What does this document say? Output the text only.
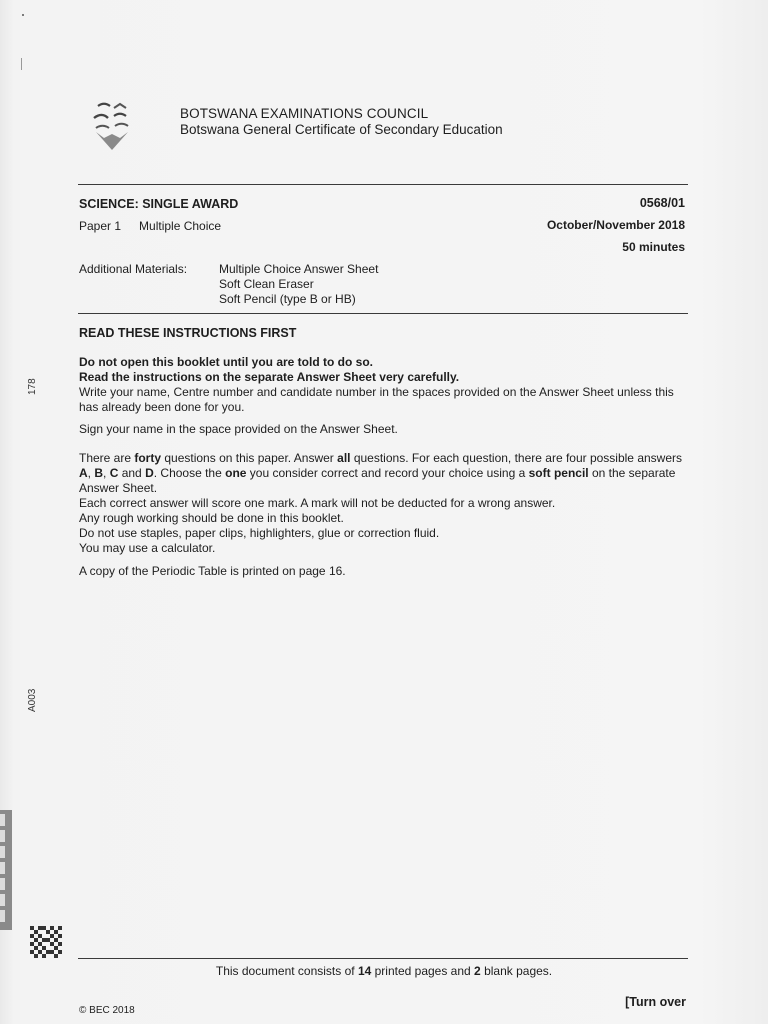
BOTSWANA EXAMINATIONS COUNCIL
Botswana General Certificate of Secondary Education
SCIENCE: SINGLE AWARD	0568/01
Paper 1 Multiple Choice	October/November 2018
50 minutes
Additional Materials:	Multiple Choice Answer Sheet
Soft Clean Eraser
Soft Pencil (type B or HB)
READ THESE INSTRUCTIONS FIRST

Do not open this booklet until you are told to do so.

Read the instructions on the separate Answer Sheet very carefully.

Write your name, Centre number and candidate number in the spaces provided on the Answer Sheet unless this has already been done for you.

Sign your name in the space provided on the Answer Sheet.

There are forty questions on this paper. Answer all questions. For each question, there are four possible answers A, B, C and D. Choose the one you consider correct and record your choice using a soft pencil on the separate Answer Sheet.

Each correct answer will score one mark. A mark will not be deducted for a wrong answer.

Any rough working should be done in this booklet.

Do not use staples, paper clips, highlighters, glue or correction fluid.

You may use a calculator.

A copy of the Periodic Table is printed on page 16.
178
A003
This document consists of 14 printed pages and 2 blank pages.
© BEC 2018
[Turn over
